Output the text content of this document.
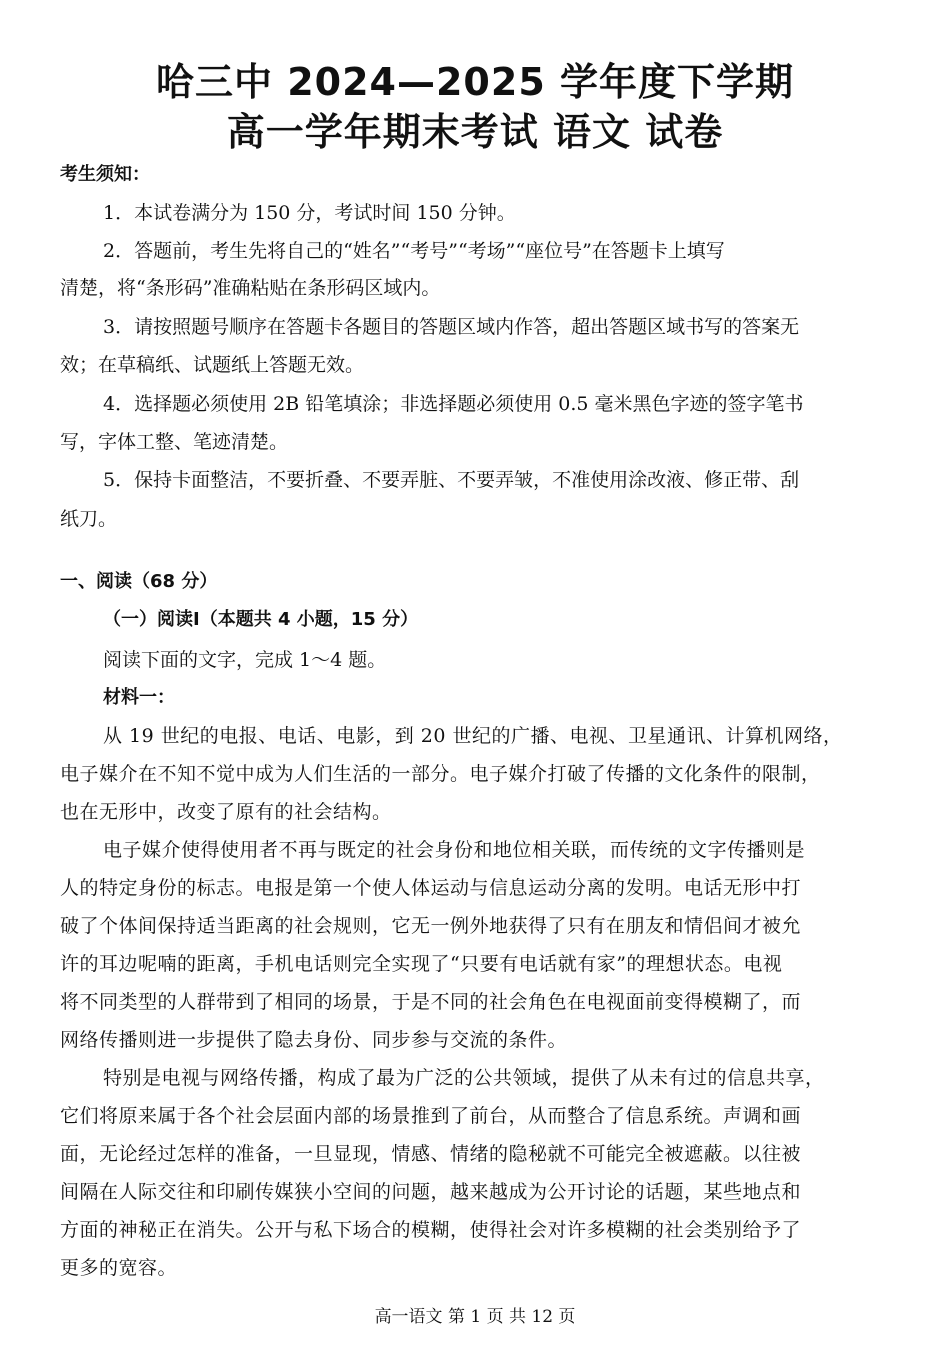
哈三中 2024—2025 学年度下学期
高一学年期末考试 语文 试卷
考生须知：
1．本试卷满分为 150 分，考试时间 150 分钟。
2．答题前，考生先将自己的“姓名”“考号”“考场”“座位号”在答题卡上填写
清楚，将“条形码”准确粘贴在条形码区域内。
3．请按照题号顺序在答题卡各题目的答题区域内作答，超出答题区域书写的答案无
效；在草稿纸、试题纸上答题无效。
4．选择题必须使用 2B 铅笔填涂；非选择题必须使用 0.5 毫米黑色字迹的签字笔书
写，字体工整、笔迹清楚。
5．保持卡面整洁，不要折叠、不要弄脏、不要弄皱，不准使用涂改液、修正带、刮
纸刀。
一、阅读（68 分）
（一）阅读Ⅰ（本题共 4 小题，15 分）
阅读下面的文字，完成 1～4 题。
材料一：
从 19 世纪的电报、电话、电影，到 20 世纪的广播、电视、卫星通讯、计算机网络，
电子媒介在不知不觉中成为人们生活的一部分。电子媒介打破了传播的文化条件的限制，
也在无形中，改变了原有的社会结构。
电子媒介使得使用者不再与既定的社会身份和地位相关联，而传统的文字传播则是
人的特定身份的标志。电报是第一个使人体运动与信息运动分离的发明。电话无形中打
破了个体间保持适当距离的社会规则，它无一例外地获得了只有在朋友和情侣间才被允
许的耳边呢喃的距离，手机电话则完全实现了“只要有电话就有家”的理想状态。电视
将不同类型的人群带到了相同的场景，于是不同的社会角色在电视面前变得模糊了，而
网络传播则进一步提供了隐去身份、同步参与交流的条件。
特别是电视与网络传播，构成了最为广泛的公共领域，提供了从未有过的信息共享，
它们将原来属于各个社会层面内部的场景推到了前台，从而整合了信息系统。声调和画
面，无论经过怎样的准备，一旦显现，情感、情绪的隐秘就不可能完全被遮蔽。以往被
间隔在人际交往和印刷传媒狭小空间的问题，越来越成为公开讨论的话题，某些地点和
方面的神秘正在消失。公开与私下场合的模糊，使得社会对许多模糊的社会类别给予了
更多的宽容。
高一语文 第 1 页 共 12 页
